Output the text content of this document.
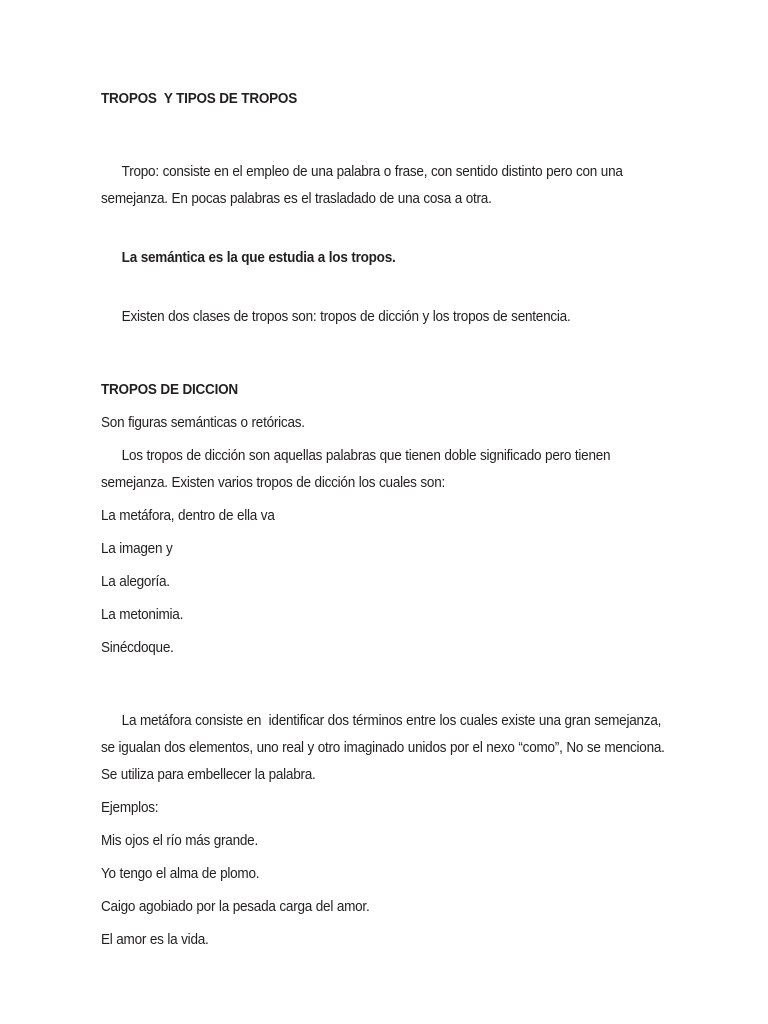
TROPOS  Y TIPOS DE TROPOS

Tropo: consiste en el empleo de una palabra o frase, con sentido distinto pero con una semejanza. En pocas palabras es el trasladado de una cosa a otra.

La semántica es la que estudia a los tropos.

Existen dos clases de tropos son: tropos de dicción y los tropos de sentencia.

TROPOS DE DICCION

Son figuras semánticas o retóricas.

Los tropos de dicción son aquellas palabras que tienen doble significado pero tienen semejanza. Existen varios tropos de dicción los cuales son:

La metáfora, dentro de ella va

La imagen y

La alegoría.

La metonimia.

Sinécdoque.

La metáfora consiste en  identificar dos términos entre los cuales existe una gran semejanza, se igualan dos elementos, uno real y otro imaginado unidos por el nexo “como”, No se menciona. Se utiliza para embellecer la palabra.

Ejemplos:

Mis ojos el río más grande.

Yo tengo el alma de plomo.

Caigo agobiado por la pesada carga del amor.

El amor es la vida.
